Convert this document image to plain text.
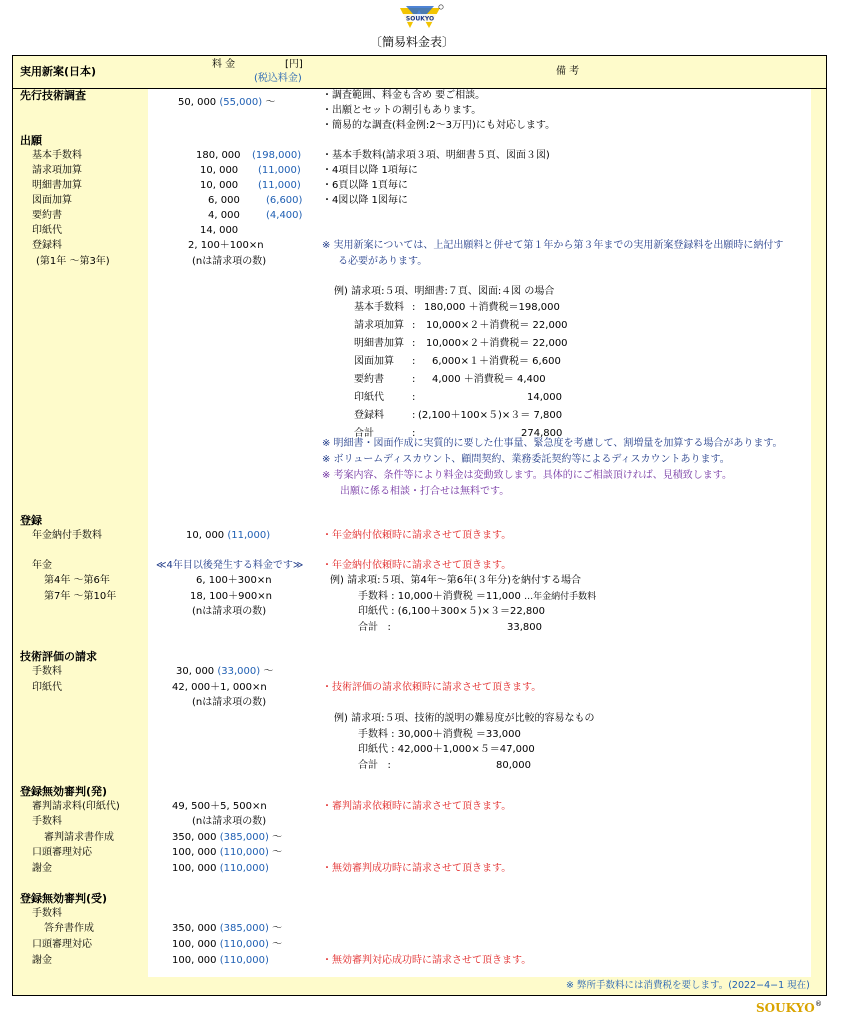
SOUKYO
〔簡易料金表〕
実用新案(日本)
料 金	[円]
(税込料金)
備 考
先行技術調査
50, 000 (55,000) 〜
・調査範囲、料金も含め 要ご相談。
・出願とセットの割引もあります。
・簡易的な調査(料金例:2〜3万円)にも対応します。
出願
基本手数料	180, 000 (198,000) ・基本手数料(請求項３項、明細書５頁、図面３図)
請求項加算	10, 000 (11,000) ・4項目以降 1項毎に
明細書加算	10, 000 (11,000) ・6頁以降 1頁毎に
図面加算	6, 000	(6,600) ・4図以降 1図毎に
要約書	4, 000	(4,400)
印紙代	14, 000
登録料	2, 100＋100×n	※ 実用新案については、上記出願料と併せて第１年から第３年までの実用新案登録料を出願時に納付す
(第1年 〜第3年)	(nは請求項の数)	る必要があります。
例) 請求項:５項、明細書:７頁、図面:４図 の場合
基本手数料 : 180,000 ＋消費税＝198,000
請求項加算 : 10,000×２＋消費税＝ 22,000
明細書加算 : 10,000×２＋消費税＝ 22,000
図面加算 : 6,000×１＋消費税＝ 6,600
要約書	: 4,000 ＋消費税＝ 4,400
印紙代	:	14,000
登録料	: (2,100＋100×５)×３＝ 7,800
合計	:	274,800
※ 明細書・図面作成に実質的に要した仕事量、緊急度を考慮して、割増量を加算する場合があります。
※ ボリュームディスカウント、顧問契約、業務委託契約等によるディスカウントあります。
※ 考案内容、条件等により料金は変動致します。具体的にご相談頂ければ、見積致します。
出願に係る相談・打合せは無料です。
登録
年金納付手数料	10, 000 (11,000)	・年金納付依頼時に請求させて頂きます。
年金	≪4年目以後発生する料金です≫ ・年金納付依頼時に請求させて頂きます。
第4年 〜第6年	6, 100＋300×n	例) 請求項:５項、第4年〜第6年(３年分)を納付する場合
第7年 〜第10年	18, 100＋900×n	手数料 : 10,000＋消費税 ＝11,000 …年金納付手数料
(nは請求項の数)	印紙代 : (6,100＋300×５)×３＝22,800
合計   :	33,800
技術評価の請求
手数料	30, 000 (33,000) 〜
印紙代	42, 000＋1, 000×n	・技術評価の請求依頼時に請求させて頂きます。
(nは請求項の数)
例) 請求項:５項、技術的説明の難易度が比較的容易なもの
手数料 : 30,000＋消費税 ＝33,000
印紙代 : 42,000＋1,000×５＝47,000
合計   :	80,000
登録無効審判(発)
審判請求料(印紙代)	49, 500＋5, 500×n	・審判請求依頼時に請求させて頂きます。
手数料	(nは請求項の数)
審判請求書作成	350, 000 (385,000) 〜
口頭審理対応	100, 000 (110,000) 〜
謝金	100, 000 (110,000)	・無効審判成功時に請求させて頂きます。
登録無効審判(受)
手数料
答弁書作成	350, 000 (385,000) 〜
口頭審理対応	100, 000 (110,000) 〜
謝金	100, 000 (110,000)	・無効審判対応成功時に請求させて頂きます。
※ 弊所手数料には消費税を要します。(2022−4−1 現在)
SOUKYO ®
